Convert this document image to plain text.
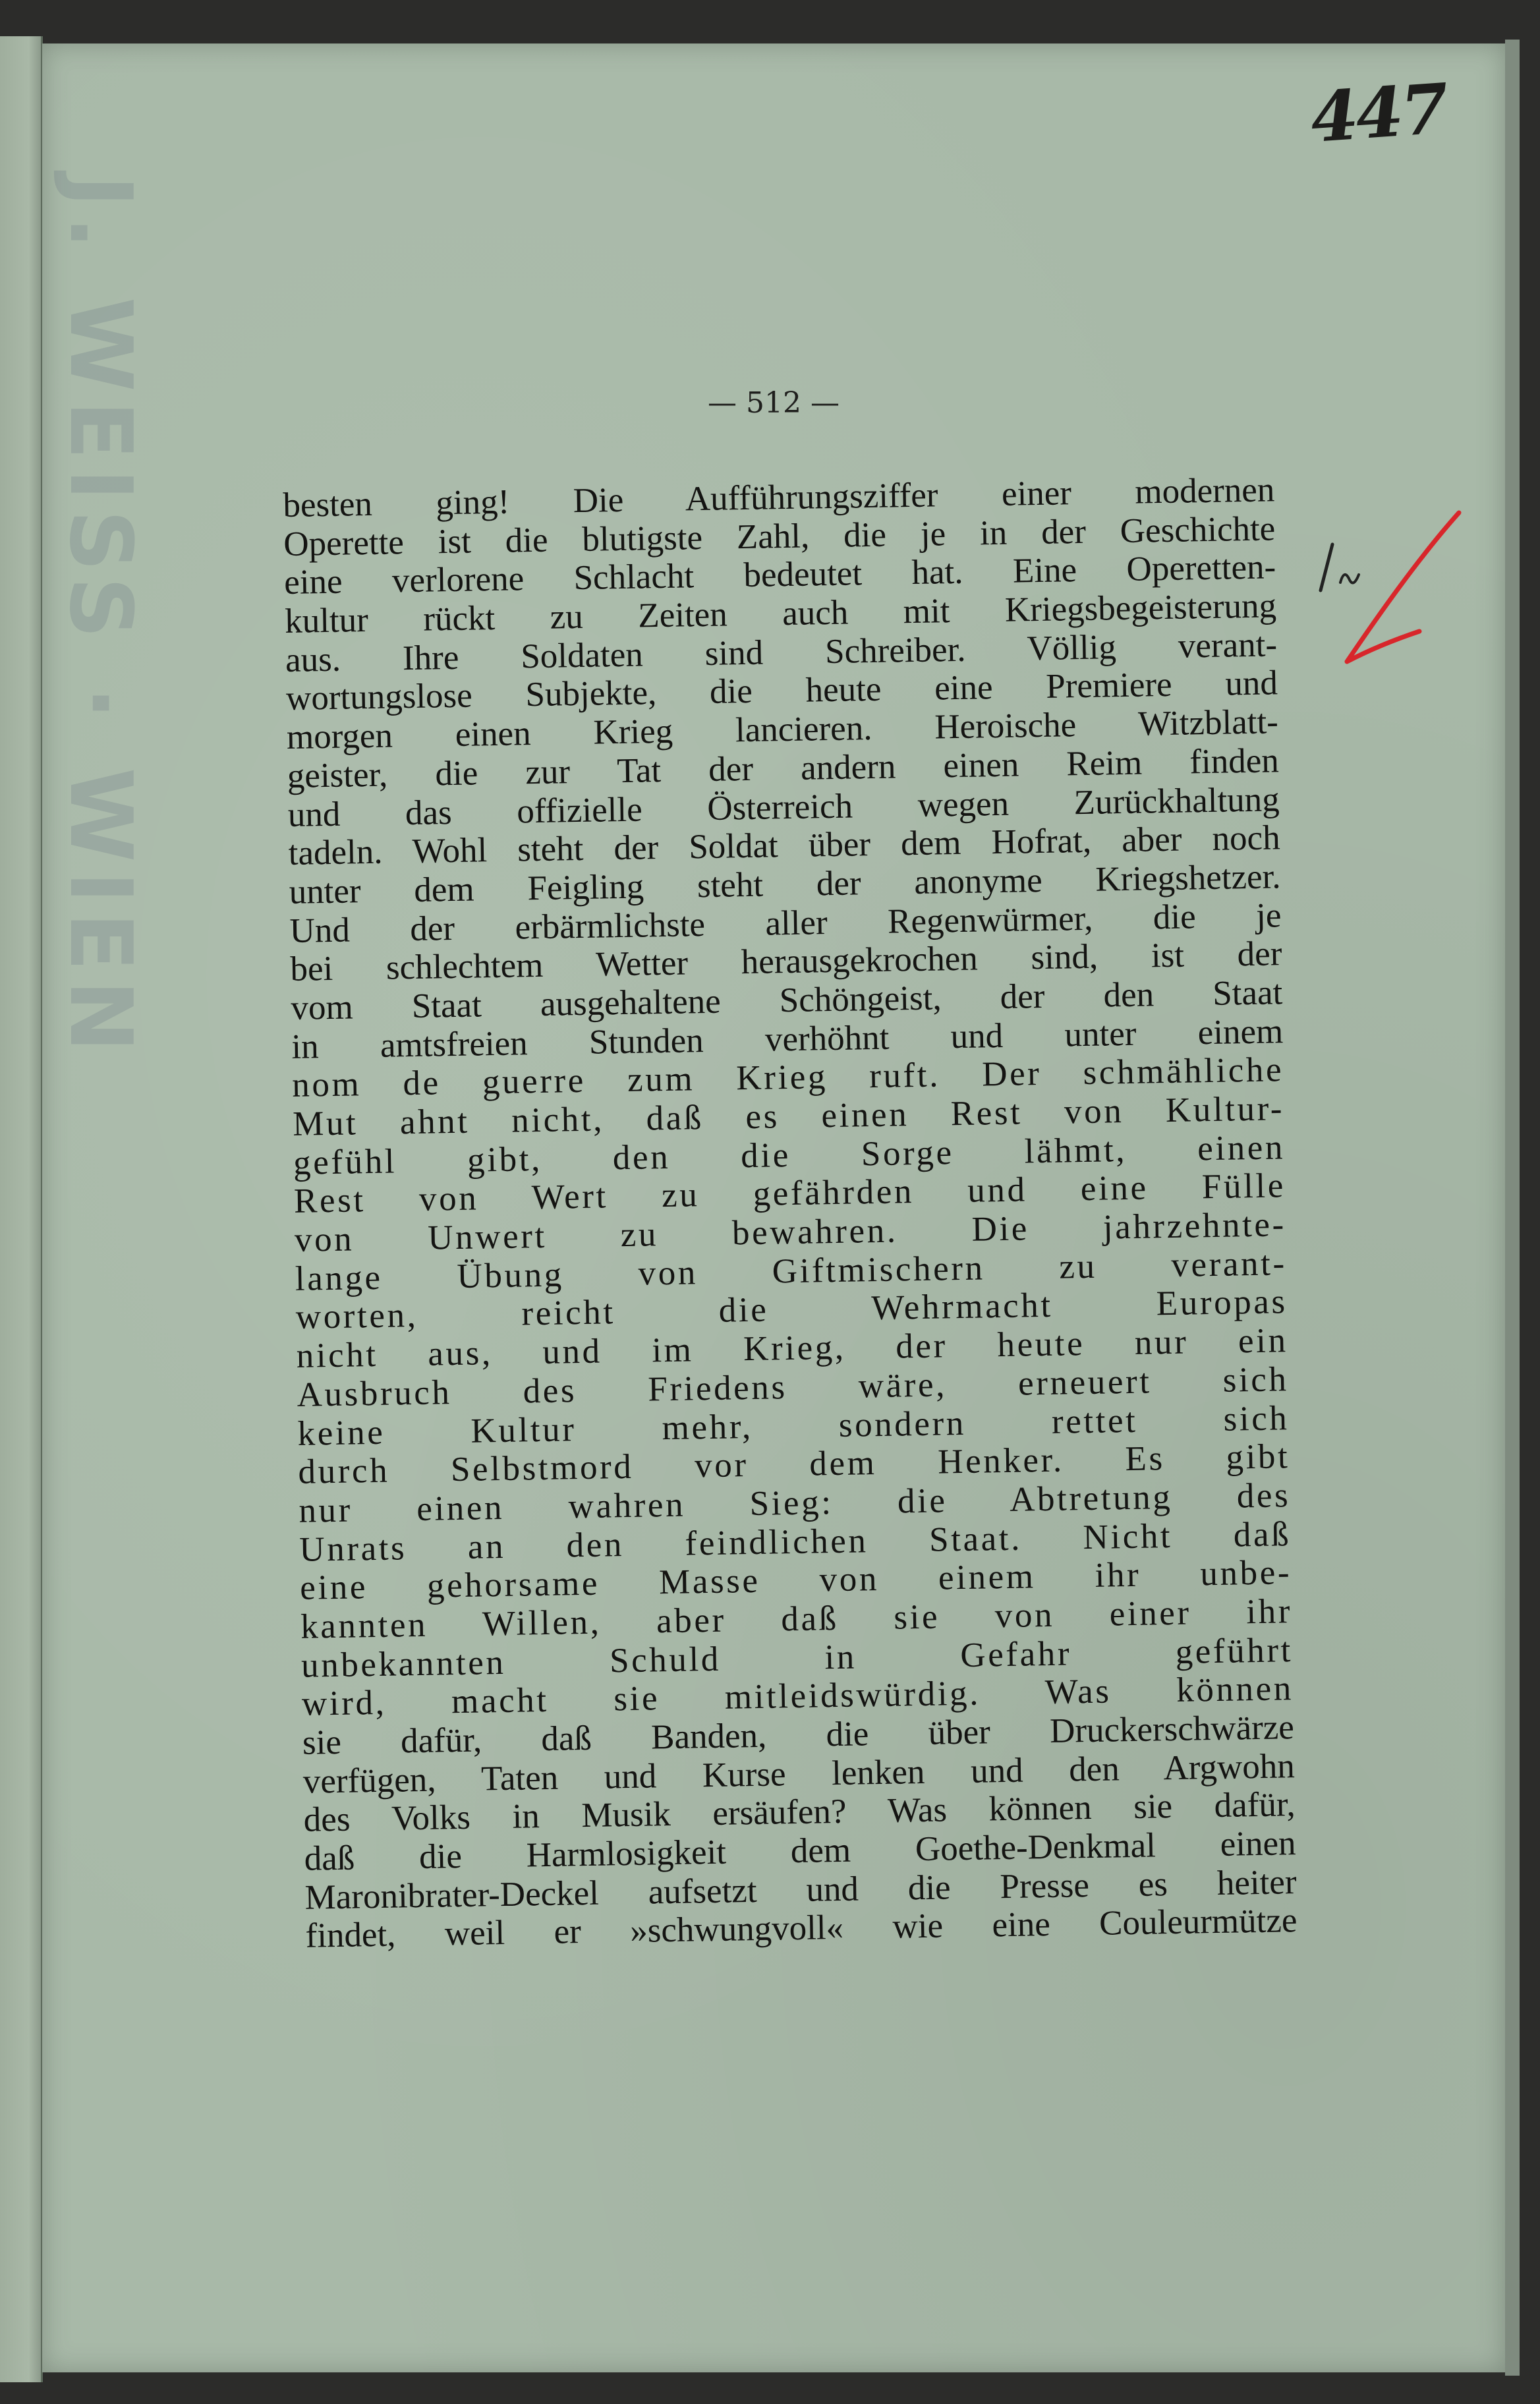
J. WEISS · WIEN
447
— 512 —
besten ging! Die Aufführungsziffer einer modernen
Operette ist die blutigste Zahl, die je in der Geschichte
eine verlorene Schlacht bedeutet hat. Eine Operetten-
kultur rückt zu Zeiten auch mit Kriegsbegeisterung
aus. Ihre Soldaten sind Schreiber. Völlig verant-
wortungslose Subjekte, die heute eine Premiere und
morgen einen Krieg lancieren. Heroische Witzblatt-
geister, die zur Tat der andern einen Reim finden
und das offizielle Österreich wegen Zurückhaltung
tadeln. Wohl steht der Soldat über dem Hofrat, aber noch
unter dem Feigling steht der anonyme Kriegshetzer.
Und der erbärmlichste aller Regenwürmer, die je
bei schlechtem Wetter herausgekrochen sind, ist der
vom Staat ausgehaltene Schöngeist, der den Staat
in amtsfreien Stunden verhöhnt und unter einem
nom de guerre zum Krieg ruft. Der schmähliche
Mut ahnt nicht, daß es einen Rest von Kultur-
gefühl gibt, den die Sorge lähmt, einen
Rest von Wert zu gefährden und eine Fülle
von Unwert zu bewahren. Die jahrzehnte-
lange Übung von Giftmischern zu verant-
worten, reicht die Wehrmacht Europas
nicht aus, und im Krieg, der heute nur ein
Ausbruch des Friedens wäre, erneuert sich
keine Kultur mehr, sondern rettet sich
durch Selbstmord vor dem Henker. Es gibt
nur einen wahren Sieg: die Abtretung des
Unrats an den feindlichen Staat. Nicht daß
eine gehorsame Masse von einem ihr unbe-
kannten Willen, aber daß sie von einer ihr
unbekannten Schuld in Gefahr geführt
wird, macht sie mitleidswürdig. Was können
sie dafür, daß Banden, die über Druckerschwärze
verfügen, Taten und Kurse lenken und den Argwohn
des Volks in Musik ersäufen? Was können sie dafür,
daß die Harmlosigkeit dem Goethe-Denkmal einen
Maronibrater-Deckel aufsetzt und die Presse es heiter
findet, weil er »schwungvoll« wie eine Couleurmütze
